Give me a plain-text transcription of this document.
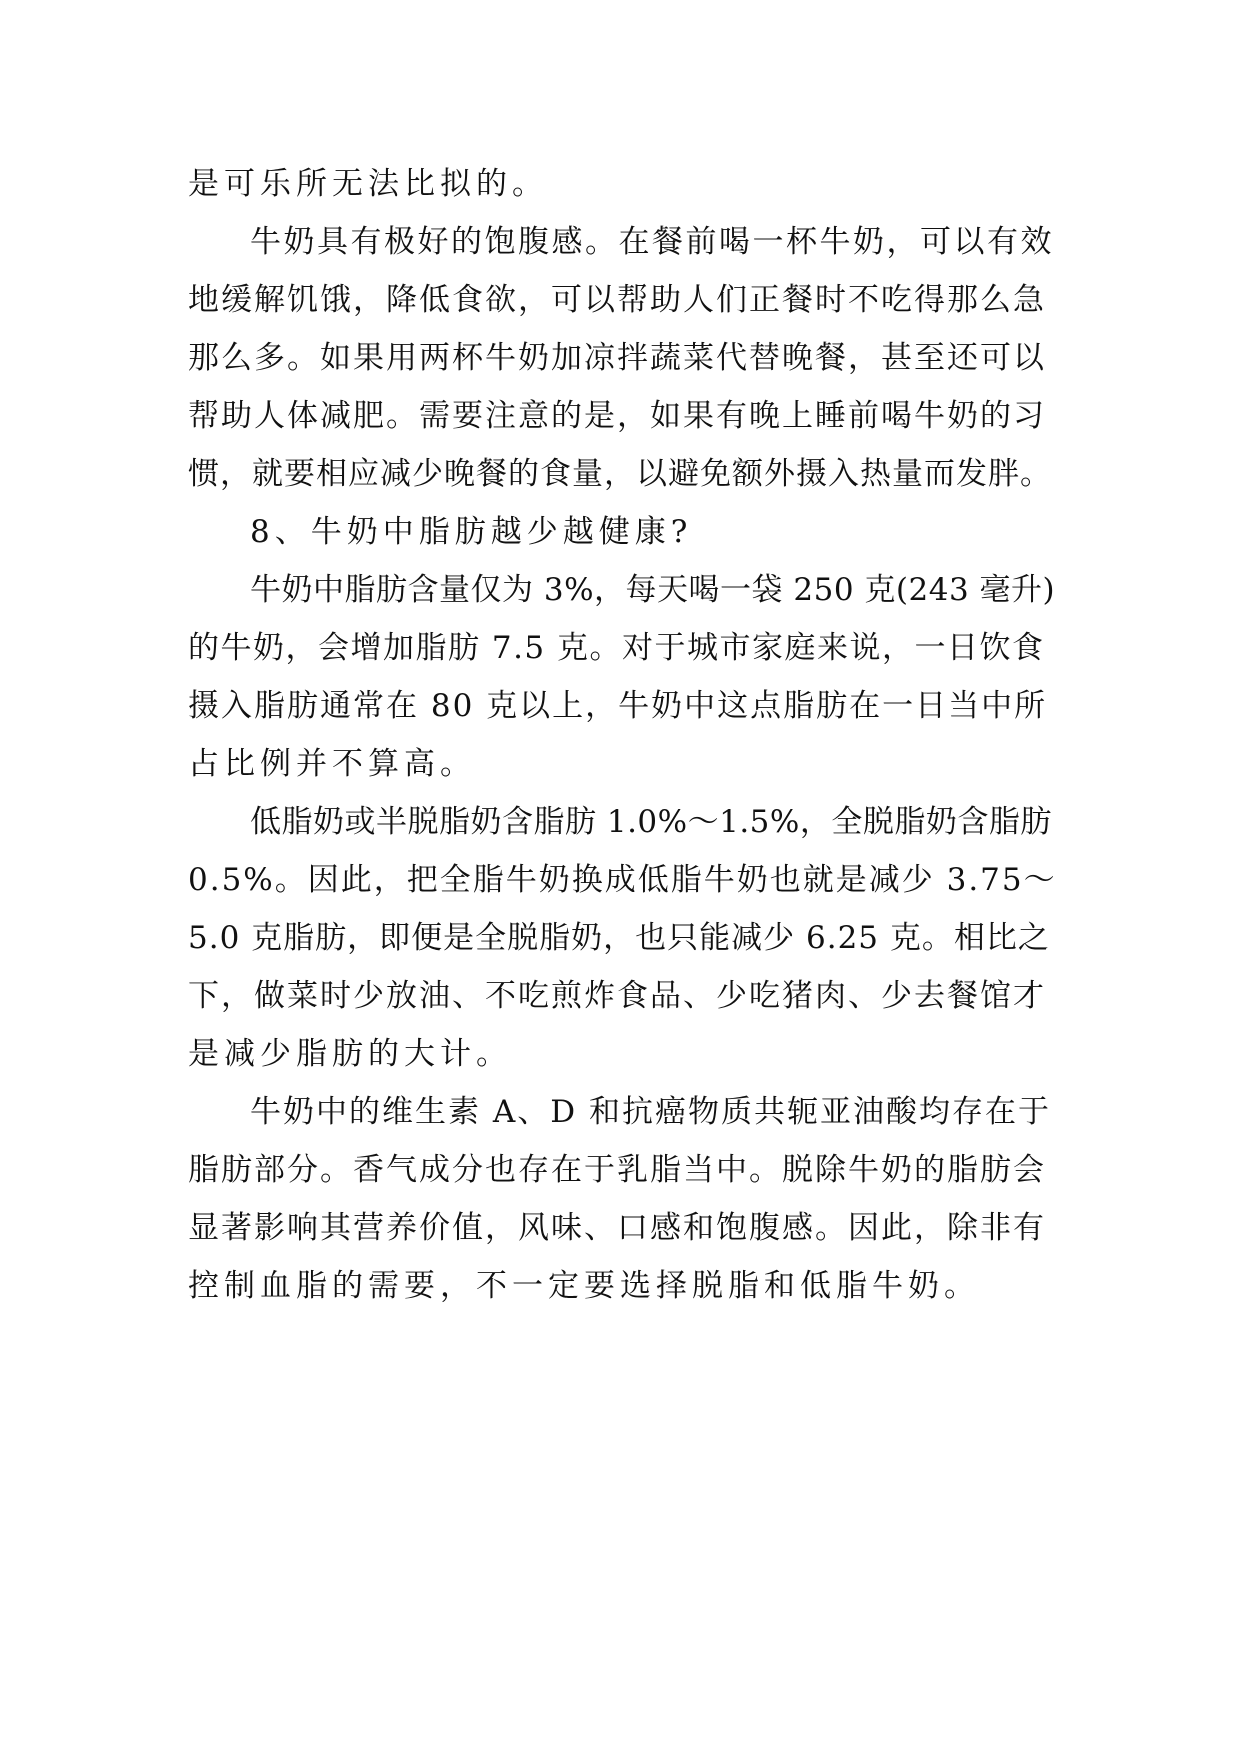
是可乐所无法比拟的。
牛奶具有极好的饱腹感。在餐前喝一杯牛奶，可以有效
地缓解饥饿，降低食欲，可以帮助人们正餐时不吃得那么急
那么多。如果用两杯牛奶加凉拌蔬菜代替晚餐，甚至还可以
帮助人体减肥。需要注意的是，如果有晚上睡前喝牛奶的习
惯，就要相应减少晚餐的食量，以避免额外摄入热量而发胖。
8、牛奶中脂肪越少越健康?
牛奶中脂肪含量仅为 3%，每天喝一袋 250 克(243 毫升)
的牛奶，会增加脂肪 7.5 克。对于城市家庭来说，一日饮食
摄入脂肪通常在 80 克以上，牛奶中这点脂肪在一日当中所
占比例并不算高。
低脂奶或半脱脂奶含脂肪 1.0%～1.5%，全脱脂奶含脂肪
0.5%。因此，把全脂牛奶换成低脂牛奶也就是减少 3.75～
5.0 克脂肪，即便是全脱脂奶，也只能减少 6.25 克。相比之
下，做菜时少放油、不吃煎炸食品、少吃猪肉、少去餐馆才
是减少脂肪的大计。
牛奶中的维生素 A、D 和抗癌物质共轭亚油酸均存在于
脂肪部分。香气成分也存在于乳脂当中。脱除牛奶的脂肪会
显著影响其营养价值，风味、口感和饱腹感。因此，除非有
控制血脂的需要，不一定要选择脱脂和低脂牛奶。
